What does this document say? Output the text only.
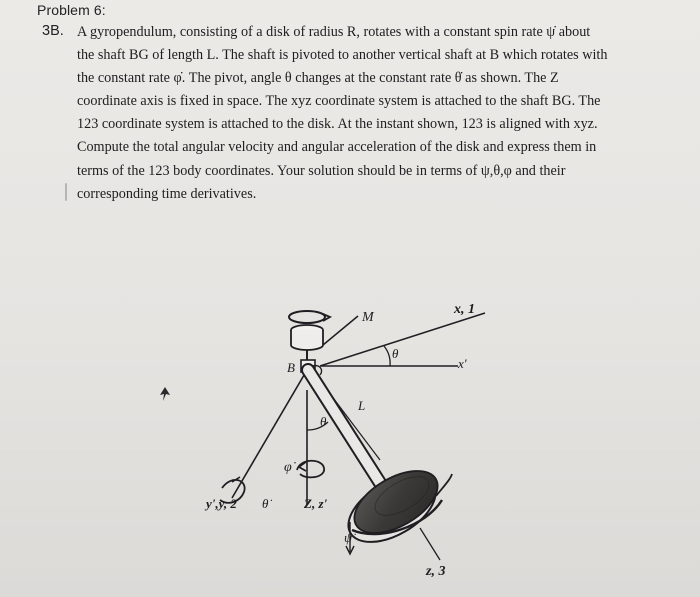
Problem 6:
3B. A gyropendulum, consisting of a disk of radius R, rotates with a constant spin rate ψ̇ about
the shaft BG of length L. The shaft is pivoted to another vertical shaft at B which rotates with
the constant rate φ̇. The pivot, angle θ changes at the constant rate θ̇ as shown. The Z
coordinate axis is fixed in space. The xyz coordinate system is attached to the shaft BG. The
123 coordinate system is attached to the disk. At the instant shown, 123 is aligned with xyz.
Compute the total angular velocity and angular acceleration of the disk and express them in
terms of the 123 body coordinates. Your solution should be in terms of ψ,θ,φ and their
corresponding time derivatives.
M
x, 1
B
θ
x'
L
θ
φ̇
y',y, 2 θ̇	Z, z'
ψ̇
z, 3
